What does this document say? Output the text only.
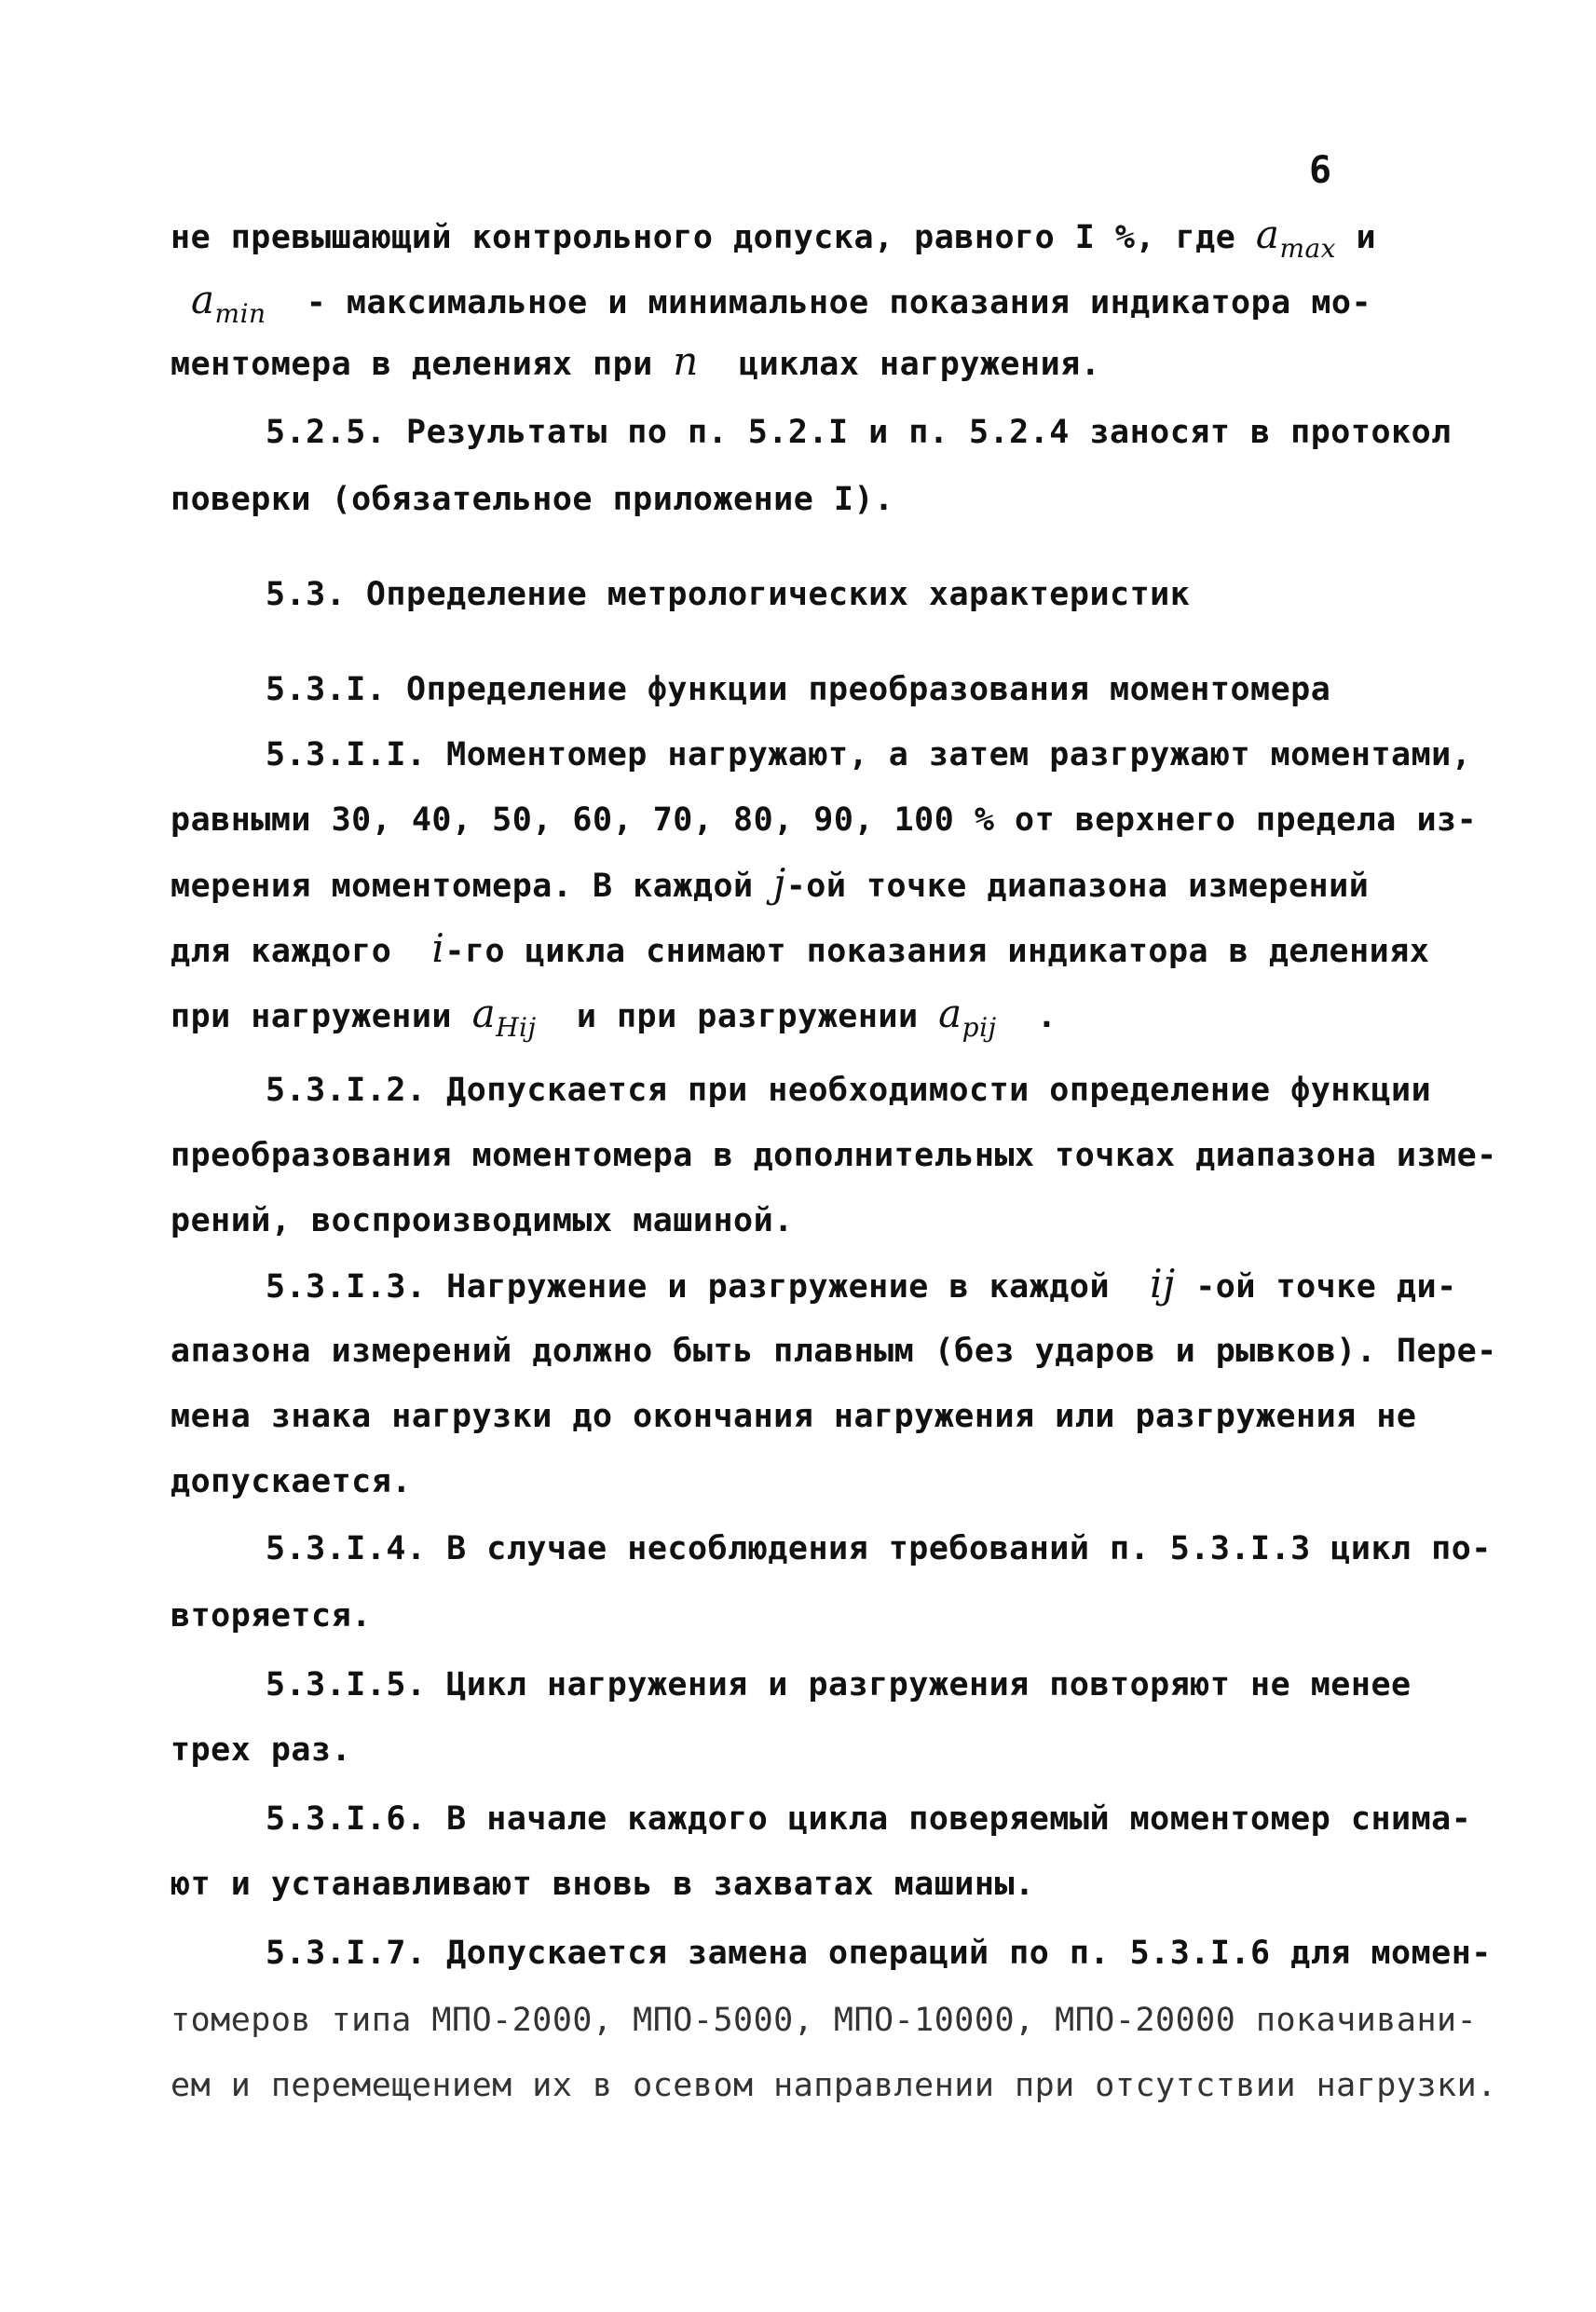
6
не превышающий контрольного допуска, равного I %, где $a_{max}$ и
$a_{min}$  - максимальное и минимальное показания индикатора мо-
ментомера в делениях при n  циклах нагружения.
5.2.5. Результаты по п. 5.2.I и п. 5.2.4 заносят в протокол
поверки (обязательное приложение I).
5.3. Определение метрологических характеристик
5.3.I. Определение функции преобразования моментомера
5.3.I.I. Моментомер нагружают, а затем разгружают моментами,
равными 30, 40, 50, 60, 70, 80, 90, 100 % от верхнего предела из-
мерения моментомера. В каждой j-ой точке диапазона измерений
для каждого  i-го цикла снимают показания индикатора в делениях
при нагружении $a_{Hij}$  и при разгружении $a_{pij}$  .
5.3.I.2. Допускается при необходимости определение функции
преобразования моментомера в дополнительных точках диапазона изме-
рений, воспроизводимых машиной.
5.3.I.3. Нагружение и разгружение в каждой  ij -ой точке ди-
апазона измерений должно быть плавным (без ударов и рывков). Пере-
мена знака нагрузки до окончания нагружения или разгружения не
допускается.
5.3.I.4. В случае несоблюдения требований п. 5.3.I.3 цикл по-
вторяется.
5.3.I.5. Цикл нагружения и разгружения повторяют не менее
трех раз.
5.3.I.6. В начале каждого цикла поверяемый моментомер снима-
ют и устанавливают вновь в захватах машины.
5.3.I.7. Допускается замена операций по п. 5.3.I.6 для момен-
томеров типа МПО-2000, МПО-5000, МПО-10000, МПО-20000 покачивани-
ем и перемещением их в осевом направлении при отсутствии нагрузки.
